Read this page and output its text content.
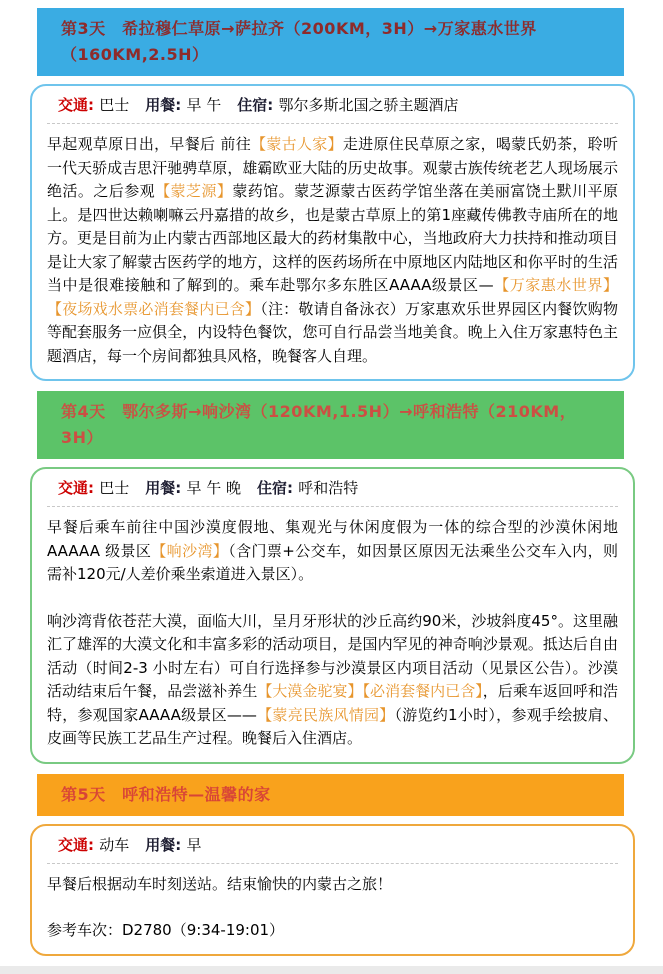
第3天　希拉穆仁草原→萨拉齐（200KM，3H）→万家惠水世界（160KM,2.5H）
交通: 巴士 用餐: 早 午 住宿: 鄂尔多斯北国之骄主题酒店

早起观草原日出，早餐后 前往【蒙古人家】走进原住民草原之家，喝蒙氏奶茶，聆听一代天骄成吉思汗驰骋草原，雄霸欧亚大陆的历史故事。观蒙古族传统老艺人现场展示绝活。之后参观【蒙芝源】蒙药馆。蒙芝源蒙古医药学馆坐落在美丽富饶土默川平原上。是四世达赖喇嘛云丹嘉措的故乡，也是蒙古草原上的第1座藏传佛教寺庙所在的地方。更是目前为止内蒙古西部地区最大的药材集散中心，当地政府大力扶持和推动项目是让大家了解蒙古医药学的地方，这样的医药场所在中原地区内陆地区和你平时的生活当中是很难接触和了解到的。乘车赴鄂尔多东胜区AAAA级景区—【万家惠水世界】【夜场戏水票必消套餐内已含】（注：敬请自备泳衣）万家惠欢乐世界园区内餐饮购物等配套服务一应俱全，内设特色餐饮，您可自行品尝当地美食。晚上入住万家惠特色主题酒店，每一个房间都独具风格，晚餐客人自理。

第4天　鄂尔多斯→响沙湾（120KM,1.5H）→呼和浩特（210KM，3H）
交通: 巴士 用餐: 早 午 晚 住宿: 呼和浩特

早餐后乘车前往中国沙漠度假地、集观光与休闲度假为一体的综合型的沙漠休闲地AAAAA 级景区【响沙湾】（含门票+公交车，如因景区原因无法乘坐公交车入内，则需补120元/人差价乘坐索道进入景区）。

响沙湾背依苍茫大漠，面临大川，呈月牙形状的沙丘高约90米，沙坡斜度45°。这里融汇了雄浑的大漠文化和丰富多彩的活动项目，是国内罕见的神奇响沙景观。抵达后自由活动（时间2-3 小时左右）可自行选择参与沙漠景区内项目活动（见景区公告）。沙漠活动结束后午餐，品尝滋补养生【大漠金驼宴】【必消套餐内已含】，后乘车返回呼和浩特，参观国家AAAA级景区——【蒙亮民族风情园】（游览约1小时），参观手绘披肩、皮画等民族工艺品生产过程。晚餐后入住酒店。

第5天　呼和浩特—温馨的家
交通: 动车 用餐: 早

早餐后根据动车时刻送站。结束愉快的内蒙古之旅！

参考车次：D2780（9:34-19:01）
